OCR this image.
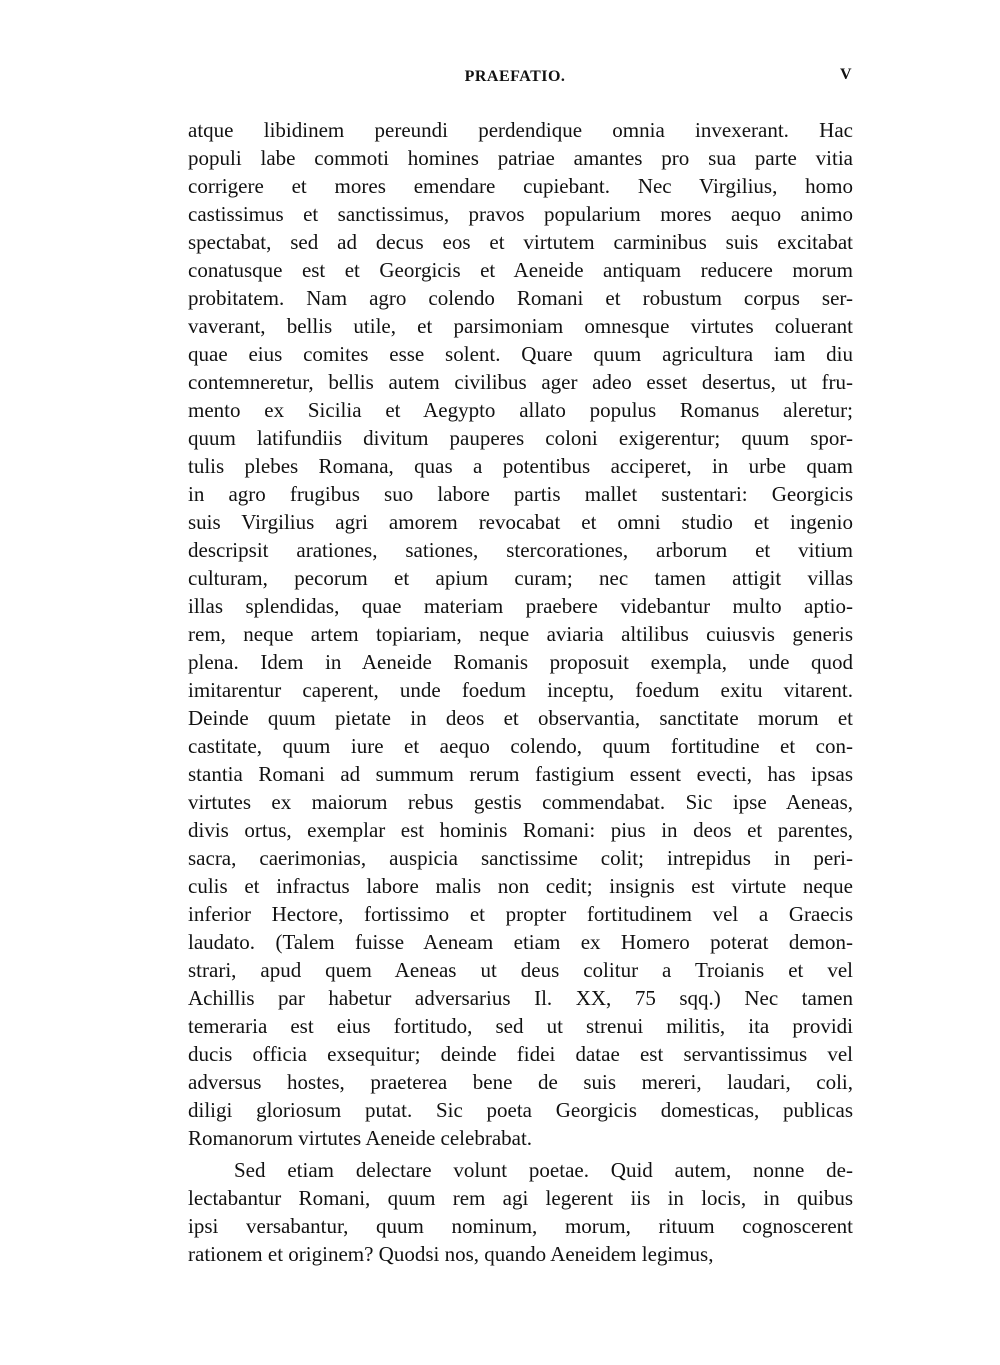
PRAEFATIO.	V
atque libidinem pereundi perdendique omnia invexerant. Hac
populi labe commoti homines patriae amantes pro sua parte vitia
corrigere et mores emendare cupiebant. Nec Virgilius, homo
castissimus et sanctissimus, pravos popularium mores aequo animo
spectabat, sed ad decus eos et virtutem carminibus suis excitabat
conatusque est et Georgicis et Aeneide antiquam reducere morum
probitatem. Nam agro colendo Romani et robustum corpus ser-
vaverant, bellis utile, et parsimoniam omnesque virtutes coluerant
quae eius comites esse solent. Quare quum agricultura iam diu
contemneretur, bellis autem civilibus ager adeo esset desertus, ut fru-
mento ex Sicilia et Aegypto allato populus Romanus aleretur;
quum latifundiis divitum pauperes coloni exigerentur; quum spor-
tulis plebes Romana, quas a potentibus acciperet, in urbe quam
in agro frugibus suo labore partis mallet sustentari: Georgicis
suis Virgilius agri amorem revocabat et omni studio et ingenio
descripsit arationes, sationes, stercorationes, arborum et vitium
culturam, pecorum et apium curam; nec tamen attigit villas
illas splendidas, quae materiam praebere videbantur multo aptio-
rem, neque artem topiariam, neque aviaria altilibus cuiusvis generis
plena. Idem in Aeneide Romanis proposuit exempla, unde quod
imitarentur caperent, unde foedum inceptu, foedum exitu vitarent.
Deinde quum pietate in deos et observantia, sanctitate morum et
castitate, quum iure et aequo colendo, quum fortitudine et con-
stantia Romani ad summum rerum fastigium essent evecti, has ipsas
virtutes ex maiorum rebus gestis commendabat. Sic ipse Aeneas,
divis ortus, exemplar est hominis Romani: pius in deos et parentes,
sacra, caerimonias, auspicia sanctissime colit; intrepidus in peri-
culis et infractus labore malis non cedit; insignis est virtute neque
inferior Hectore, fortissimo et propter fortitudinem vel a Graecis
laudato. (Talem fuisse Aeneam etiam ex Homero poterat demon-
strari, apud quem Aeneas ut deus colitur a Troianis et vel
Achillis par habetur adversarius Il. XX, 75 sqq.) Nec tamen
temeraria est eius fortitudo, sed ut strenui militis, ita providi
ducis officia exsequitur; deinde fidei datae est servantissimus vel
adversus hostes, praeterea bene de suis mereri, laudari, coli,
diligi gloriosum putat. Sic poeta Georgicis domesticas, publicas
Romanorum virtutes Aeneide celebrabat.
Sed etiam delectare volunt poetae. Quid autem, nonne de-
lectabantur Romani, quum rem agi legerent iis in locis, in quibus
ipsi versabantur, quum nominum, morum, rituum cognoscerent
rationem et originem? Quodsi nos, quando Aeneidem legimus,
